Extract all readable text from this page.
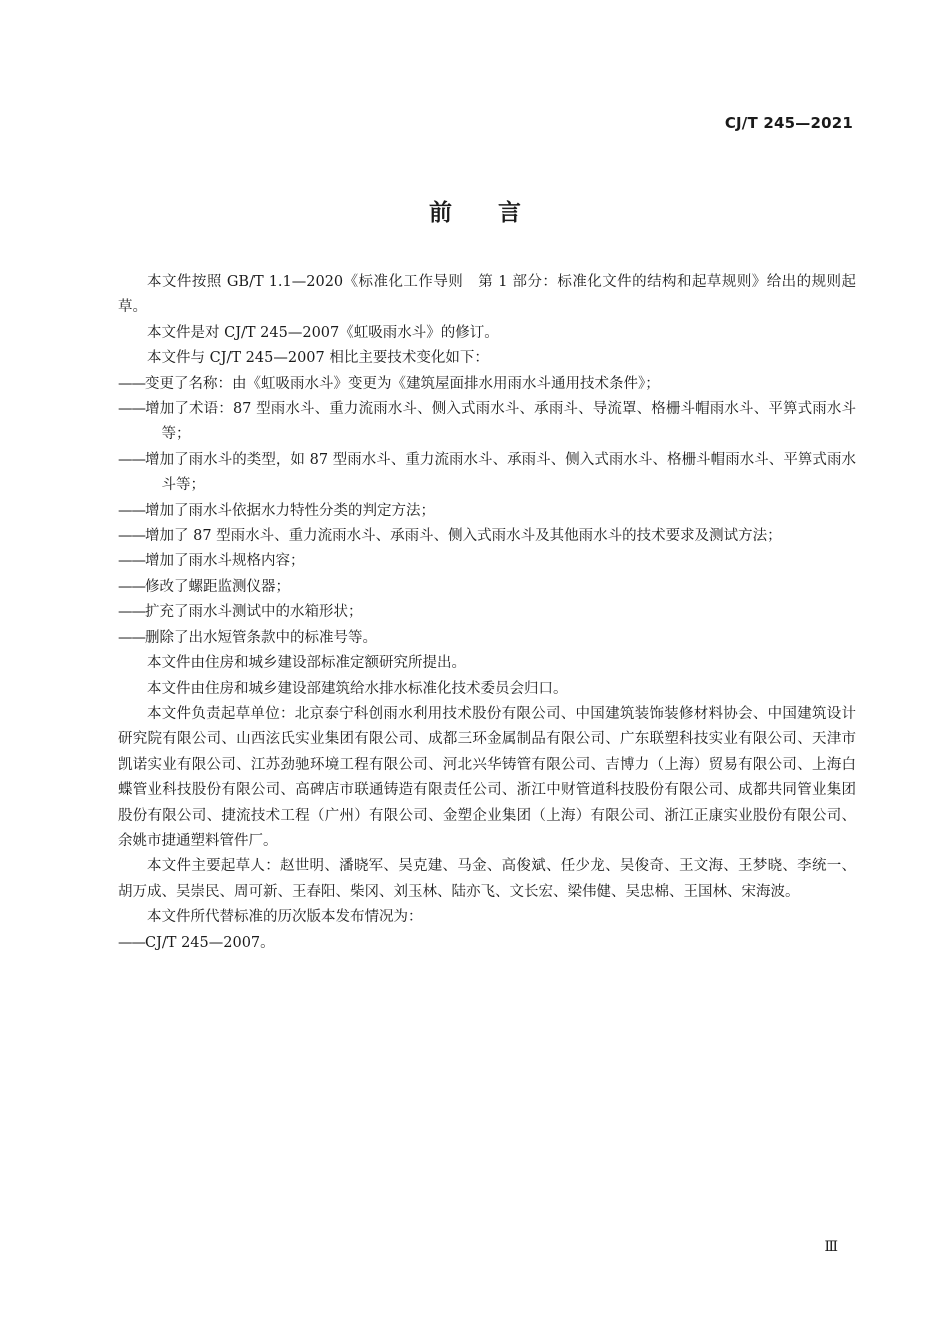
CJ/T 245—2021
前言

本文件按照 GB/T 1.1—2020《标准化工作导则　第 1 部分：标准化文件的结构和起草规则》给出的规则起草。

本文件是对 CJ/T 245—2007《虹吸雨水斗》的修订。

本文件与 CJ/T 245—2007 相比主要技术变化如下：

——变更了名称：由《虹吸雨水斗》变更为《建筑屋面排水用雨水斗通用技术条件》；

——增加了术语：87 型雨水斗、重力流雨水斗、侧入式雨水斗、承雨斗、导流罩、格栅斗帽雨水斗、平箅式雨水斗等；

——增加了雨水斗的类型，如 87 型雨水斗、重力流雨水斗、承雨斗、侧入式雨水斗、格栅斗帽雨水斗、平箅式雨水斗等；

——增加了雨水斗依据水力特性分类的判定方法；

——增加了 87 型雨水斗、重力流雨水斗、承雨斗、侧入式雨水斗及其他雨水斗的技术要求及测试方法；

——增加了雨水斗规格内容；

——修改了螺距监测仪器；

——扩充了雨水斗测试中的水箱形状；

——删除了出水短管条款中的标准号等。

本文件由住房和城乡建设部标准定额研究所提出。

本文件由住房和城乡建设部建筑给水排水标准化技术委员会归口。

本文件负责起草单位：北京泰宁科创雨水利用技术股份有限公司、中国建筑装饰装修材料协会、中国建筑设计研究院有限公司、山西泫氏实业集团有限公司、成都三环金属制品有限公司、广东联塑科技实业有限公司、天津市凯诺实业有限公司、江苏劲驰环境工程有限公司、河北兴华铸管有限公司、吉博力（上海）贸易有限公司、上海白蝶管业科技股份有限公司、高碑店市联通铸造有限责任公司、浙江中财管道科技股份有限公司、成都共同管业集团股份有限公司、捷流技术工程（广州）有限公司、金塑企业集团（上海）有限公司、浙江正康实业股份有限公司、余姚市捷通塑料管件厂。

本文件主要起草人：赵世明、潘晓军、吴克建、马金、高俊斌、任少龙、吴俊奇、王文海、王梦晓、李统一、胡万成、吴崇民、周可新、王春阳、柴冈、刘玉林、陆亦飞、文长宏、梁伟健、吴忠棉、王国林、宋海波。

本文件所代替标准的历次版本发布情况为：

——CJ/T 245—2007。

Ⅲ
